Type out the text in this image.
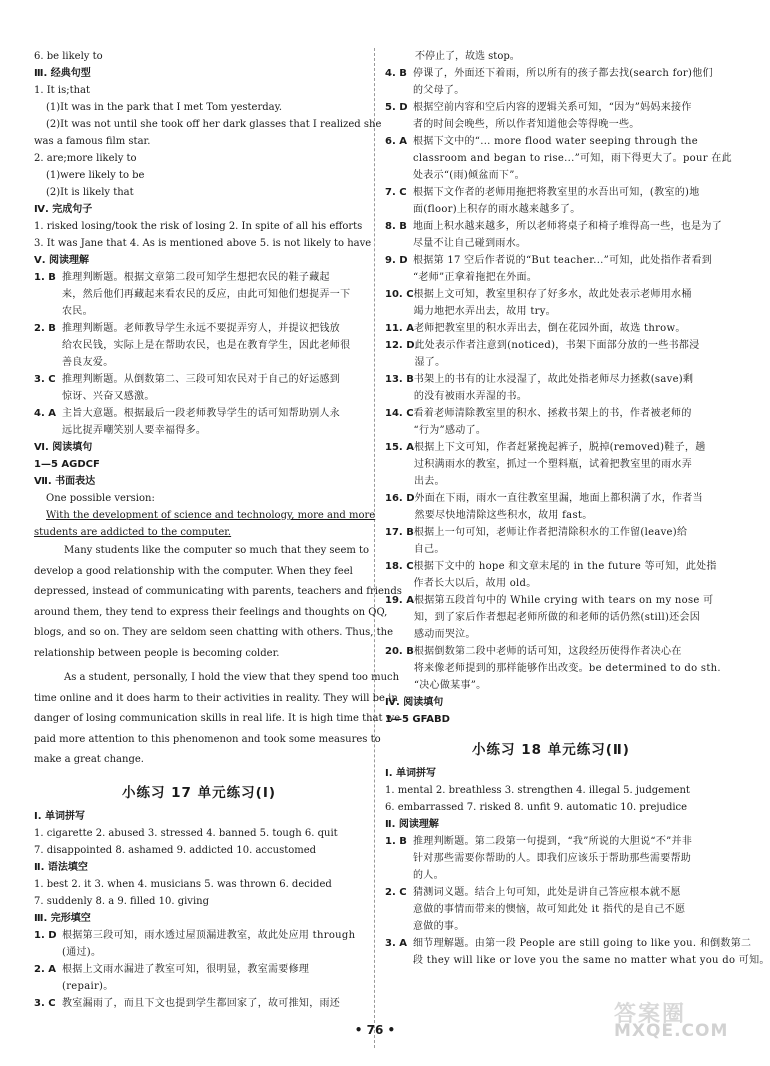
6. be likely to
Ⅲ. 经典句型
1. It is;that
(1)It was in the park that I met Tom yesterday.
(2)It was not until she took off her dark glasses that I realized she
was a famous film star.
2. are;more likely to
(1)were likely to be
(2)It is likely that
Ⅳ. 完成句子
1. risked losing/took the risk of losing 2. In spite of all his efforts
3. It was Jane that 4. As is mentioned above 5. is not likely to have
Ⅴ. 阅读理解
1. B 推理判断题。根据文章第二段可知学生想把农民的鞋子藏起
来，然后他们再藏起来看农民的反应，由此可知他们想捉弄一下
农民。
2. B 推理判断题。老师教导学生永远不要捉弄穷人，并提议把钱放
给农民钱，实际上是在帮助农民，也是在教育学生，因此老师很
善良友爱。
3. C 推理判断题。从倒数第二、三段可知农民对于自己的好运感到
惊讶、兴奋又感激。
4. A 主旨大意题。根据最后一段老师教导学生的话可知帮助别人永
远比捉弄嘲笑别人要幸福得多。
Ⅵ. 阅读填句
1—5 AGDCF
Ⅶ. 书面表达
One possible version:
With the development of science and technology, more and more
students are addicted to the computer.
Many students like the computer so much that they seem to
develop a good relationship with the computer. When they feel
depressed, instead of communicating with parents, teachers and friends
around them, they tend to express their feelings and thoughts on QQ,
blogs, and so on. They are seldom seen chatting with others. Thus, the
relationship between people is becoming colder.
As a student, personally, I hold the view that they spend too much
time online and it does harm to their activities in reality. They will be in
danger of losing communication skills in real life. It is high time that we
paid more attention to this phenomenon and took some measures to
make a great change.
小练习 17 单元练习(Ⅰ)
Ⅰ. 单词拼写
1. cigarette 2. abused 3. stressed 4. banned 5. tough 6. quit
7. disappointed 8. ashamed 9. addicted 10. accustomed
Ⅱ. 语法填空
1. best 2. it 3. when 4. musicians 5. was thrown 6. decided
7. suddenly 8. a 9. filled 10. giving
Ⅲ. 完形填空
1. D 根据第三段可知，雨水透过屋顶漏进教室，故此处应用 through
(通过)。
2. A 根据上文雨水漏进了教室可知，很明显，教室需要修理
(repair)。
3. C 教室漏雨了，而且下文也提到学生都回家了，故可推知，雨还
不停止了，故选 stop。
4. B 停课了，外面还下着雨，所以所有的孩子都去找(search for)他们
的父母了。
5. D 根据空前内容和空后内容的逻辑关系可知，“因为”妈妈来接作
者的时间会晚些，所以作者知道他会等得晚一些。
6. A 根据下文中的“... more flood water seeping through the
classroom and began to rise...”可知，雨下得更大了。pour 在此
处表示“(雨)倾盆而下”。
7. C 根据下文作者的老师用拖把将教室里的水吾出可知，(教室的)地
面(floor)上积存的雨水越来越多了。
8. B 地面上积水越来越多，所以老师将桌子和椅子堆得高一些，也是为了
尽量不让自己碰到雨水。
9. D 根据第 17 空后作者说的“But teacher...”可知，此处指作者看到
“老师”正拿着拖把在外面。
10. C 根据上文可知，教室里积存了好多水，故此处表示老师用水桶
竭力地把水弄出去，故用 try。
11. A 老师把教室里的积水弄出去，倒在花园外面，故选 throw。
12. D 此处表示作者注意到(noticed)，书架下面部分放的一些书都浸
湿了。
13. B 书架上的书有的让水浸湿了，故此处指老师尽力拯救(save)剩
的没有被雨水弄湿的书。
14. C 看着老师清除教室里的积水、拯救书架上的书，作者被老师的
“行为”感动了。
15. A 根据上下文可知，作者赶紧挽起裤子，脱掉(removed)鞋子，趟
过积满雨水的教室，抓过一个塑料瓶，试着把教室里的雨水弄
出去。
16. D 外面在下雨，雨水一直往教室里漏，地面上都积满了水，作者当
然要尽快地清除这些积水，故用 fast。
17. B 根据上一句可知，老师让作者把清除积水的工作留(leave)给
自己。
18. C 根据下文中的 hope 和文章末尾的 in the future 等可知，此处指
作者长大以后，故用 old。
19. A 根据第五段首句中的 While crying with tears on my nose 可
知，到了家后作者想起老师所做的和老师的话仍然(still)还会因
感动而哭泣。
20. B 根据倒数第二段中老师的话可知，这段经历使得作者决心在
将来像老师提到的那样能够作出改变。be determined to do sth.
“决心做某事”。
Ⅳ. 阅读填句
1—5 GFABD
小练习 18 单元练习(Ⅱ)
Ⅰ. 单词拼写
1. mental 2. breathless 3. strengthen 4. illegal 5. judgement
6. embarrassed 7. risked 8. unfit 9. automatic 10. prejudice
Ⅱ. 阅读理解
1. B 推理判断题。第二段第一句提到，“我”所说的大胆说“不”并非
针对那些需要你帮助的人。即我们应该乐于帮助那些需要帮助
的人。
2. C 猜测词义题。结合上句可知，此处是讲自己答应根本就不愿
意做的事情而带来的懊恼，故可知此处 it 指代的是自己不愿
意做的事。
3. A 细节理解题。由第一段 People are still going to like you. 和倒数第二
段 they will like or love you the same no matter what you do 可知。
• 76 •
答案圈
MXQE.COM
